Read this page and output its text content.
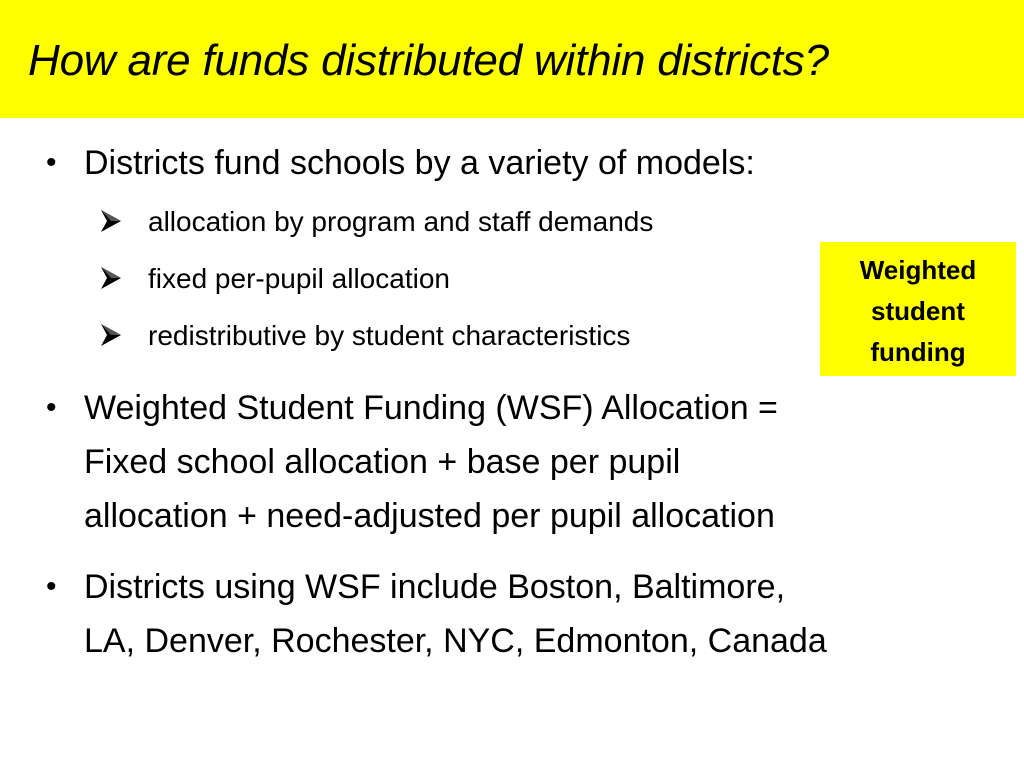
How are funds distributed within districts?
• Districts fund schools by a variety of models:
allocation by program and staff demands
fixed per-pupil allocation
redistributive by student characteristics
• Weighted Student Funding (WSF) Allocation =
Fixed school allocation + base per pupil
allocation + need-adjusted per pupil allocation
• Districts using WSF include Boston, Baltimore,
LA, Denver, Rochester, NYC, Edmonton, Canada
Weighted
student
funding
